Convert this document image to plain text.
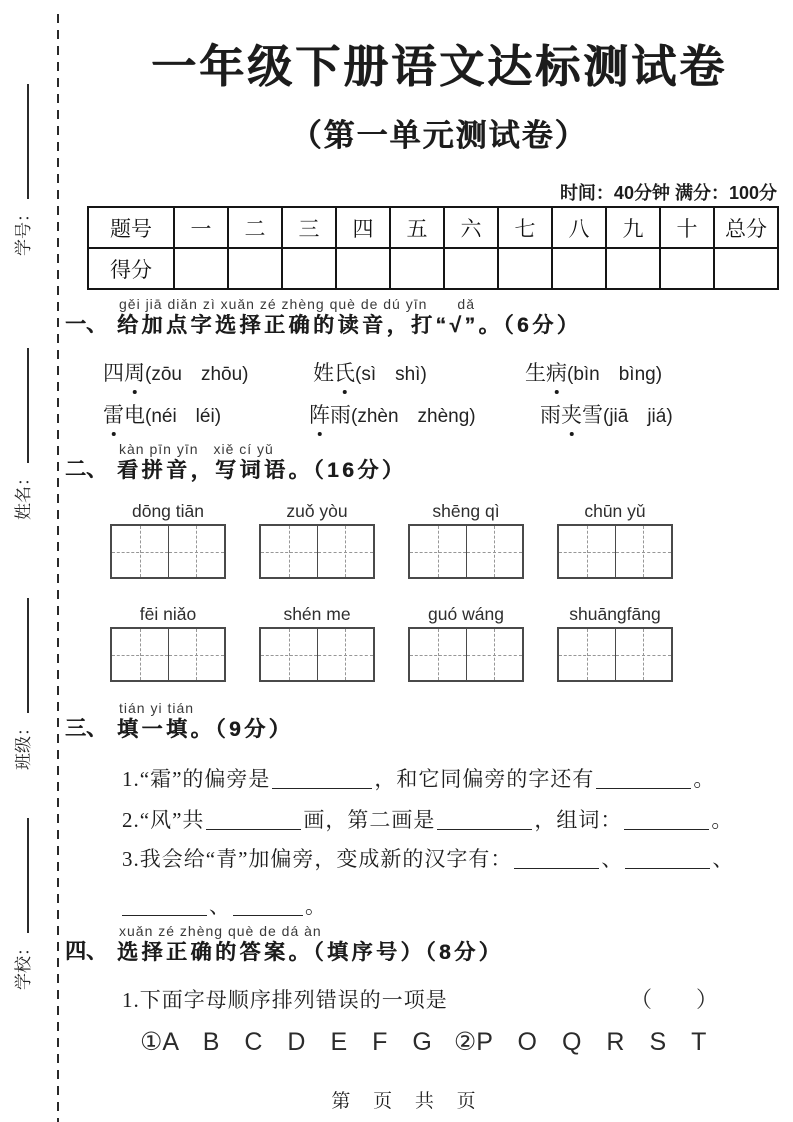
学号：
姓名：
班级：
学校：
一年级下册语文达标测试卷
（第一单元测试卷）
时间：40分钟 满分：100分
题号	一	二	三	四	五	六	七	八	九	十	总分
得分											
一、
gěi jiā diǎn zì xuǎn zé zhèng què de dú yīn　　dǎ
给加点字选择正确的读音，打“√”。（6分）
四周(zōu　zhōu)	姓氏(sì　shì)	生病(bìn　bìng)
雷电(néi　léi)	阵雨(zhèn　zhèng)	雨夹雪(jiā　jiá)
二、
kàn pīn yīn　xiě cí yǔ
看拼音，写词语。（16分）
dōng tiān	zuǒ yòu	shēng qì	chūn yǔ
fēi niǎo	shén me	guó wáng	shuāngfāng
三、
tián yi tián
填一填。（9分）
1.“霜”的偏旁是	，和它同偏旁的字还有	。
2.“风”共	画，第二画是	，组词：	。
3.我会给“青”加偏旁，变成新的汉字有：	、	、
、	。
四、
xuǎn zé zhèng què de dá àn
选择正确的答案。（填序号）（8分）
1.下面字母顺序排列错误的一项是	（　　）
①A　B　C　D　E　F　G ②P　O　Q　R　S　T
第 页 共 页
